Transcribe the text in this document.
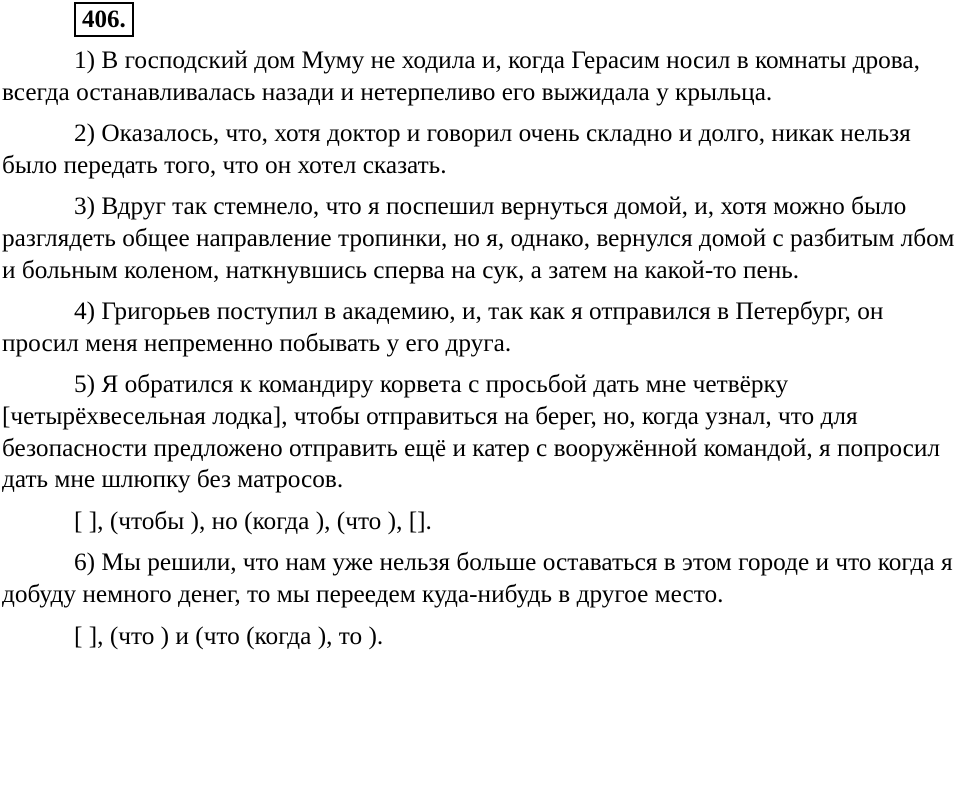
406.

1) В господский дом Муму не ходила и, когда Герасим носил в комнаты дрова, всегда останавливалась назади и нетерпеливо его выжидала у крыльца.

2) Оказалось, что, хотя доктор и говорил очень складно и долго, никак нельзя было передать того, что он хотел сказать.

3) Вдруг так стемнело, что я поспешил вернуться домой, и, хотя можно было разглядеть общее направление тропинки, но я, однако, вернулся домой с разбитым лбом и больным коленом, наткнувшись сперва на сук, а затем на какой-то пень.

4) Григорьев поступил в академию, и, так как я отправился в Петербург, он просил меня непременно побывать у его друга.

5) Я обратился к командиру корвета с просьбой дать мне четвёрку [четырёхвесельная лодка], чтобы отправиться на берег, но, когда узнал, что для безопасности предложено отправить ещё и катер с вооружённой командой, я попросил дать мне шлюпку без матросов.

[ ], (чтобы ), но (когда ), (что ), [].

6) Мы решили, что нам уже нельзя больше оставаться в этом городе и что когда я добуду немного денег, то мы переедем куда-нибудь в другое место.

[ ], (что ) и (что (когда ), то ).
